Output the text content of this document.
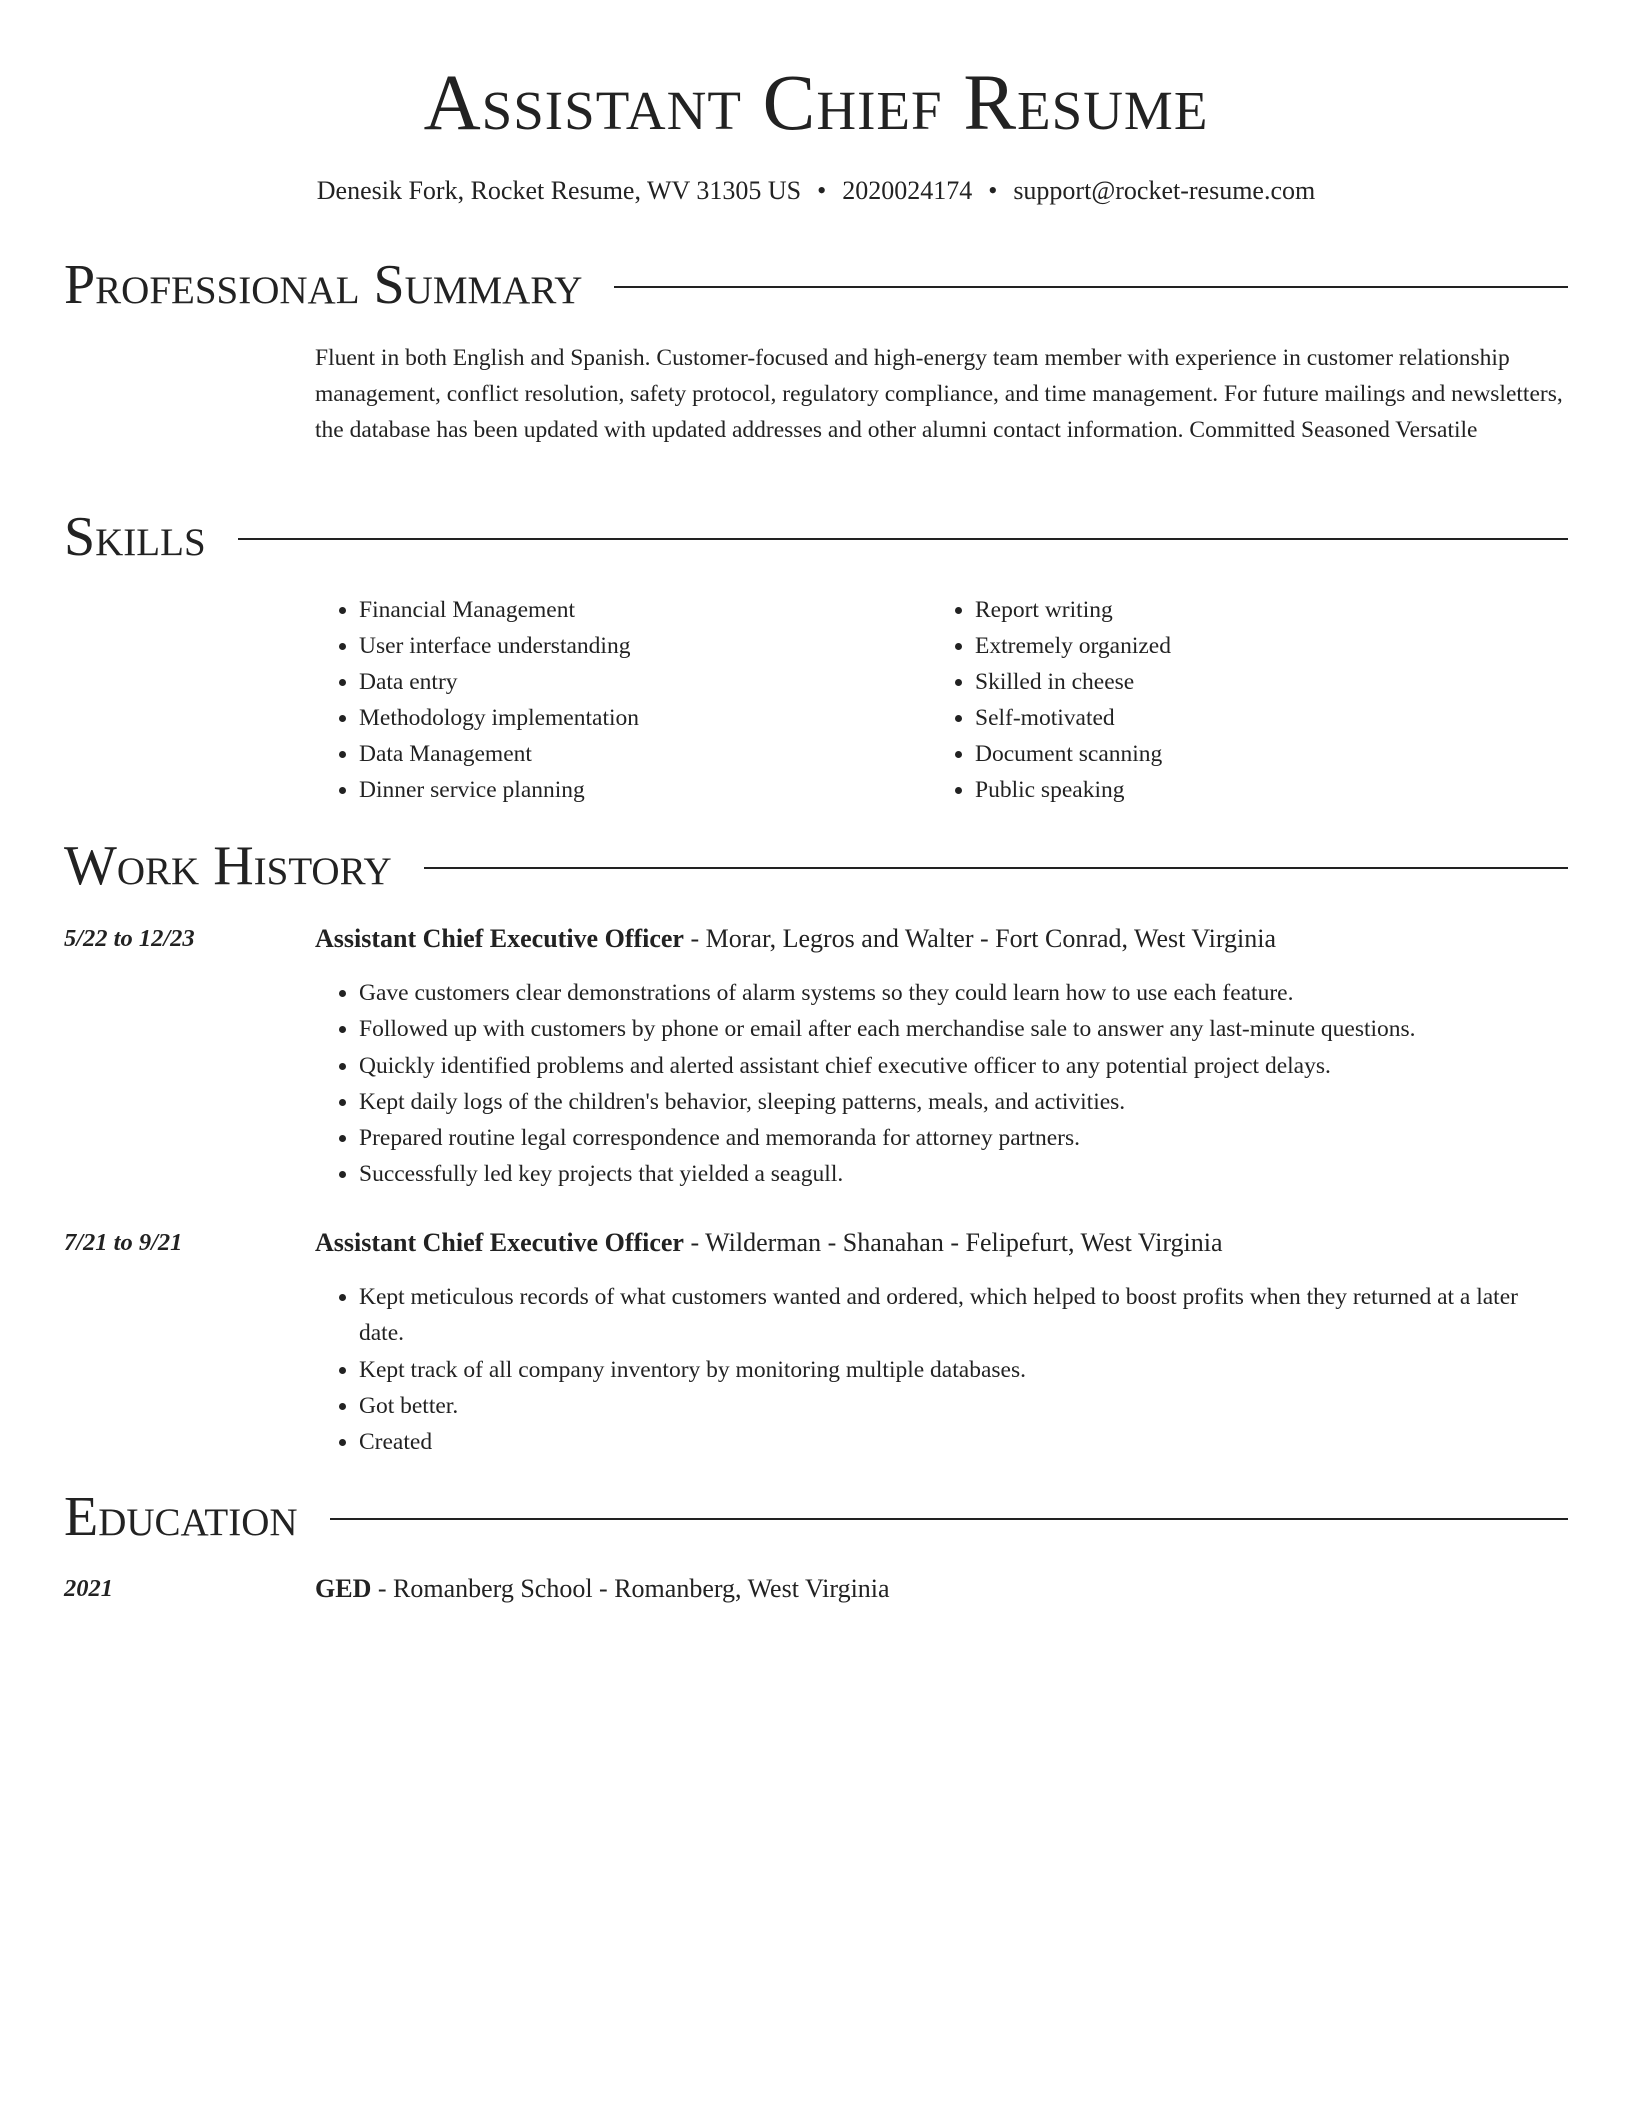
Assistant Chief Resume
Denesik Fork, Rocket Resume, WV 31305 US • 2020024174 • support@rocket-resume.com
Professional Summary
Fluent in both English and Spanish. Customer-focused and high-energy team member with experience in customer relationship management, conflict resolution, safety protocol, regulatory compliance, and time management. For future mailings and newsletters, the database has been updated with updated addresses and other alumni contact information. Committed Seasoned Versatile
Skills
• Financial Management
• User interface understanding
• Data entry
• Methodology implementation
• Data Management
• Dinner service planning
• Report writing
• Extremely organized
• Skilled in cheese
• Self-motivated
• Document scanning
• Public speaking
Work History
5/22 to 12/23	Assistant Chief Executive Officer - Morar, Legros and Walter - Fort Conrad, West Virginia
• Gave customers clear demonstrations of alarm systems so they could learn how to use each feature.
• Followed up with customers by phone or email after each merchandise sale to answer any last-minute questions.
• Quickly identified problems and alerted assistant chief executive officer to any potential project delays.
• Kept daily logs of the children's behavior, sleeping patterns, meals, and activities.
• Prepared routine legal correspondence and memoranda for attorney partners.
• Successfully led key projects that yielded a seagull.
7/21 to 9/21	Assistant Chief Executive Officer - Wilderman - Shanahan - Felipefurt, West Virginia
• Kept meticulous records of what customers wanted and ordered, which helped to boost profits when they returned at a later date.
• Kept track of all company inventory by monitoring multiple databases.
• Got better.
• Created
Education
2021	GED - Romanberg School - Romanberg, West Virginia
